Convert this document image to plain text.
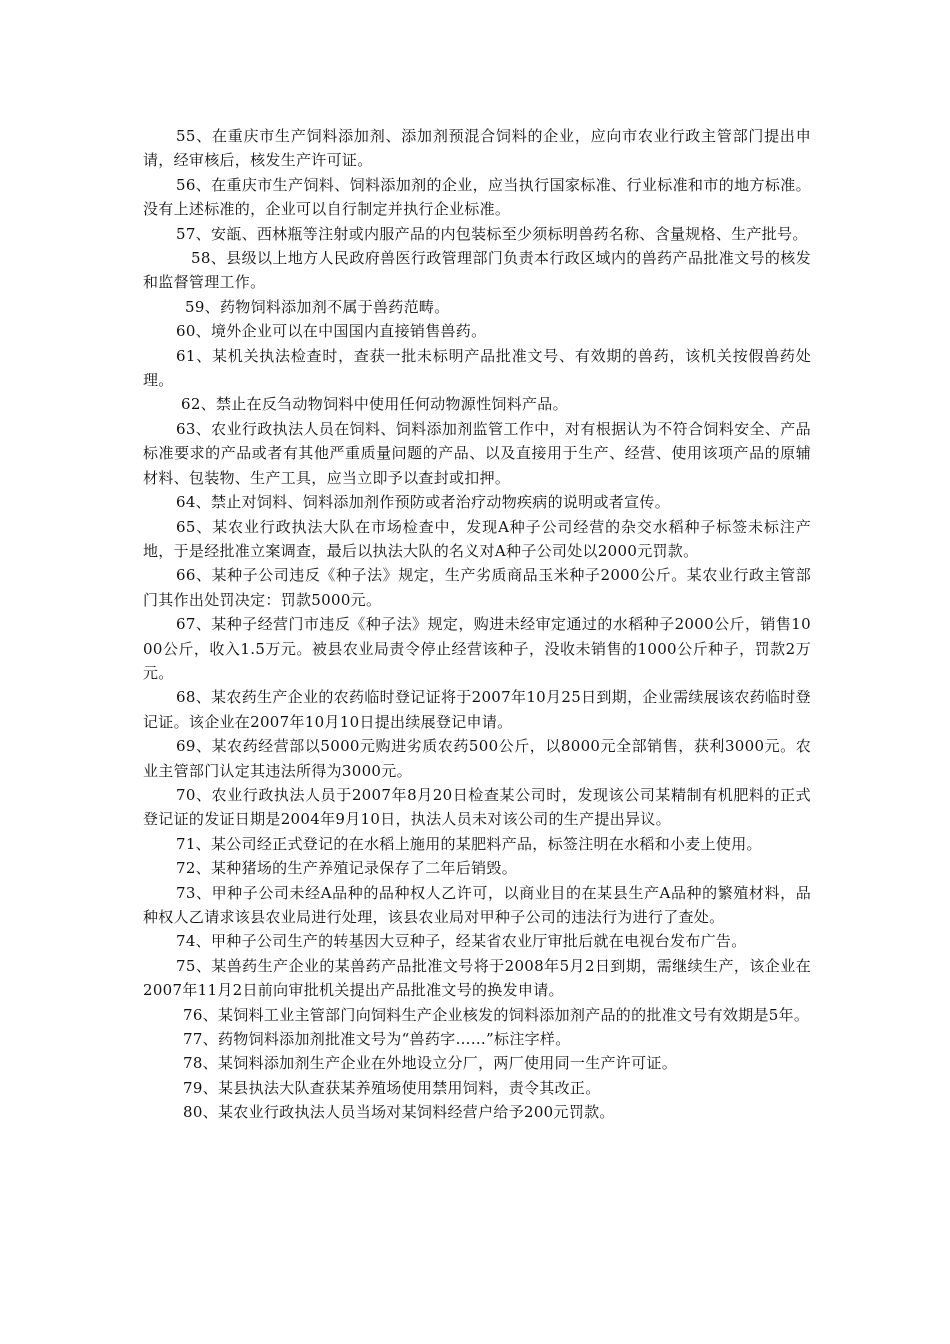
55、在重庆市生产饲料添加剂、添加剂预混合饲料的企业，应向市农业行政主管部门提出申请，经审核后，核发生产许可证。

56、在重庆市生产饲料、饲料添加剂的企业，应当执行国家标准、行业标准和市的地方标准。没有上述标准的，企业可以自行制定并执行企业标准。

57、安瓿、西林瓶等注射或内服产品的内包装标至少须标明兽药名称、含量规格、生产批号。

58、县级以上地方人民政府兽医行政管理部门负责本行政区域内的兽药产品批准文号的核发和监督管理工作。

59、药物饲料添加剂不属于兽药范畴。

60、境外企业可以在中国国内直接销售兽药。

61、某机关执法检查时，查获一批未标明产品批准文号、有效期的兽药，该机关按假兽药处理。

62、禁止在反刍动物饲料中使用任何动物源性饲料产品。

63、农业行政执法人员在饲料、饲料添加剂监管工作中，对有根据认为不符合饲料安全、产品标准要求的产品或者有其他严重质量问题的产品、以及直接用于生产、经营、使用该项产品的原辅材料、包装物、生产工具，应当立即予以查封或扣押。

64、禁止对饲料、饲料添加剂作预防或者治疗动物疾病的说明或者宣传。

65、某农业行政执法大队在市场检查中，发现A种子公司经营的杂交水稻种子标签未标注产地，于是经批准立案调查，最后以执法大队的名义对A种子公司处以2000元罚款。

66、某种子公司违反《种子法》规定，生产劣质商品玉米种子2000公斤。某农业行政主管部门其作出处罚决定：罚款5000元。

67、某种子经营门市违反《种子法》规定，购进未经审定通过的水稻种子2000公斤，销售1000公斤，收入1.5万元。被县农业局责令停止经营该种子，没收未销售的1000公斤种子，罚款2万元。

68、某农药生产企业的农药临时登记证将于2007年10月25日到期，企业需续展该农药临时登记证。该企业在2007年10月10日提出续展登记申请。

69、某农药经营部以5000元购进劣质农药500公斤，以8000元全部销售，获利3000元。农业主管部门认定其违法所得为3000元。

70、农业行政执法人员于2007年8月20日检查某公司时，发现该公司某精制有机肥料的正式登记证的发证日期是2004年9月10日，执法人员未对该公司的生产提出异议。

71、某公司经正式登记的在水稻上施用的某肥料产品，标签注明在水稻和小麦上使用。

72、某种猪场的生产养殖记录保存了二年后销毁。

73、甲种子公司未经A品种的品种权人乙许可，以商业目的在某县生产A品种的繁殖材料，品种权人乙请求该县农业局进行处理，该县农业局对甲种子公司的违法行为进行了查处。

74、甲种子公司生产的转基因大豆种子，经某省农业厅审批后就在电视台发布广告。

75、某兽药生产企业的某兽药产品批准文号将于2008年5月2日到期，需继续生产，该企业在2007年11月2日前向审批机关提出产品批准文号的换发申请。

76、某饲料工业主管部门向饲料生产企业核发的饲料添加剂产品的的批准文号有效期是5年。

77、药物饲料添加剂批准文号为“兽药字……”标注字样。

78、某饲料添加剂生产企业在外地设立分厂，两厂使用同一生产许可证。

79、某县执法大队查获某养殖场使用禁用饲料，责令其改正。

80、某农业行政执法人员当场对某饲料经营户给予200元罚款。
